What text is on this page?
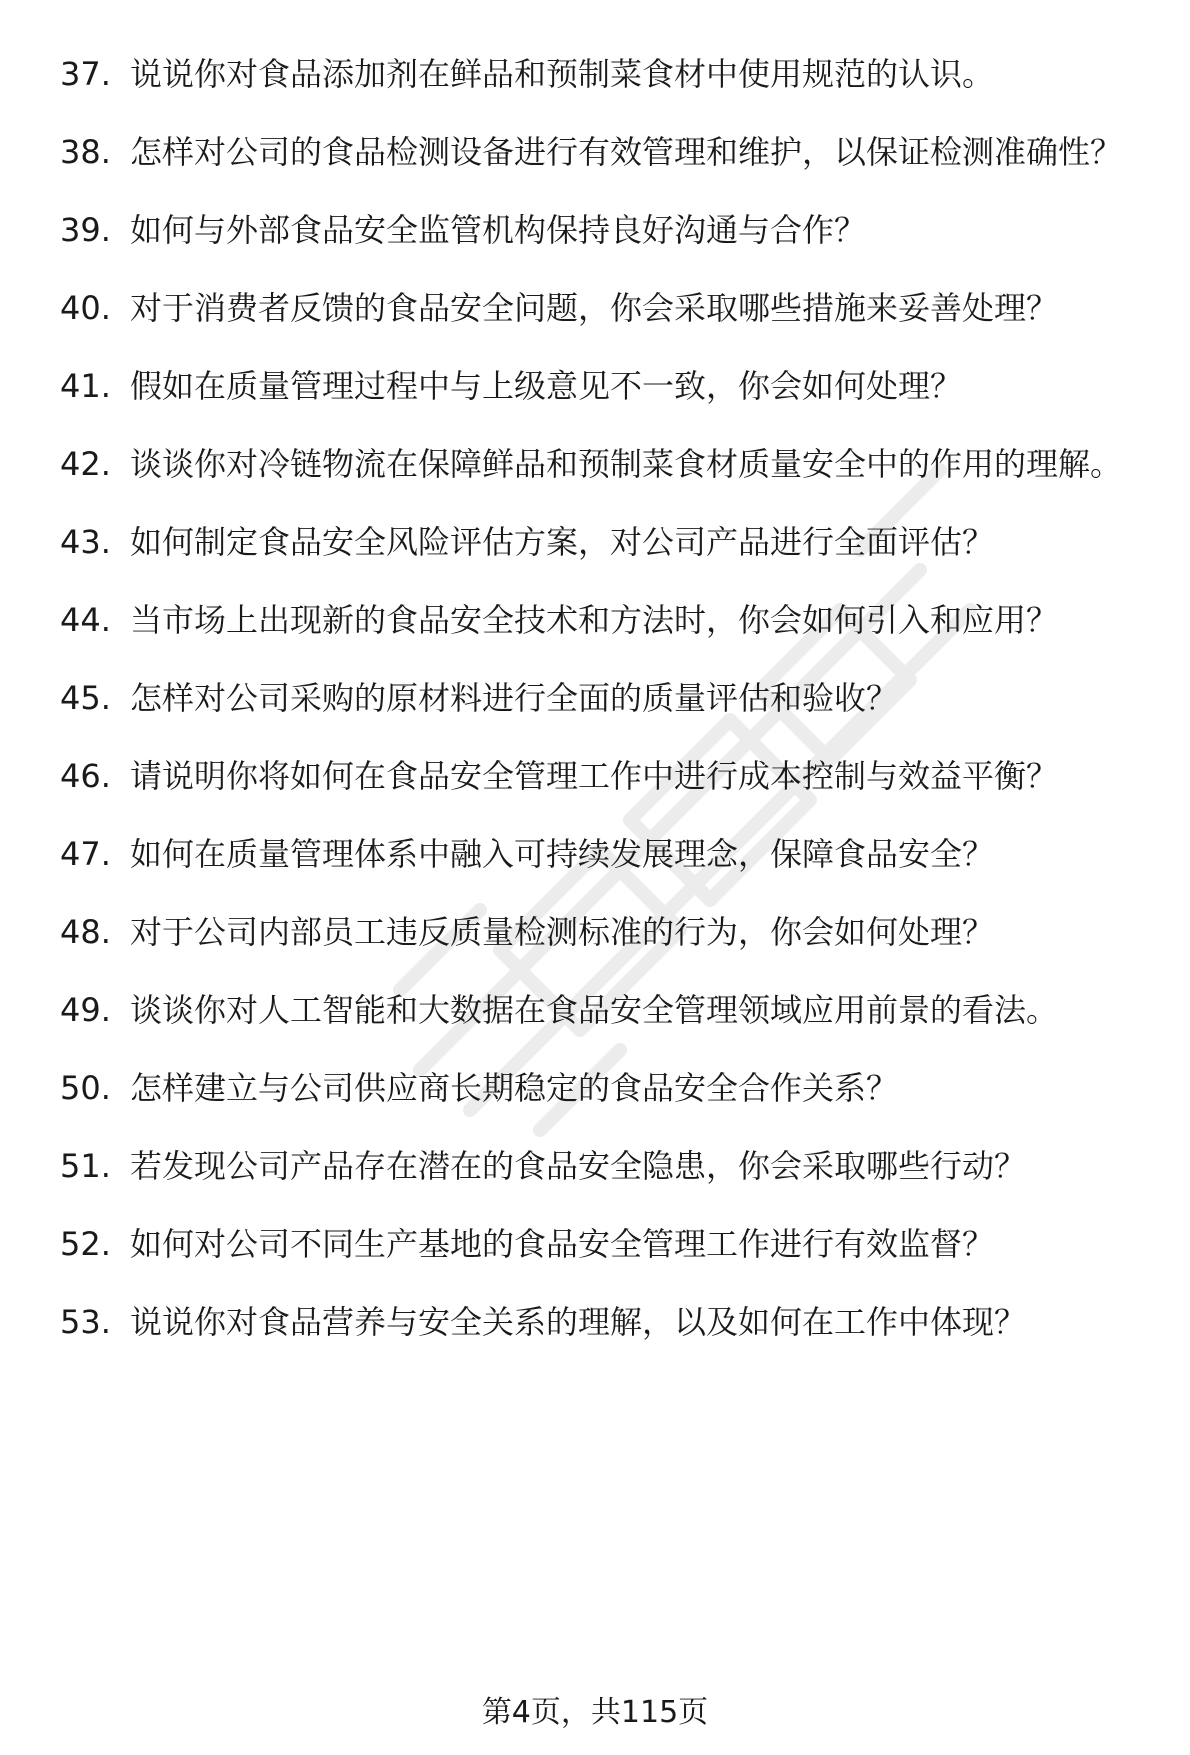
37. 说说你对食品添加剂在鲜品和预制菜食材中使用规范的认识。
38. 怎样对公司的食品检测设备进行有效管理和维护，以保证检测准确性？
39. 如何与外部食品安全监管机构保持良好沟通与合作？
40. 对于消费者反馈的食品安全问题，你会采取哪些措施来妥善处理？
41. 假如在质量管理过程中与上级意见不一致，你会如何处理？
42. 谈谈你对冷链物流在保障鲜品和预制菜食材质量安全中的作用的理解。
43. 如何制定食品安全风险评估方案，对公司产品进行全面评估？
44. 当市场上出现新的食品安全技术和方法时，你会如何引入和应用？
45. 怎样对公司采购的原材料进行全面的质量评估和验收？
46. 请说明你将如何在食品安全管理工作中进行成本控制与效益平衡？
47. 如何在质量管理体系中融入可持续发展理念，保障食品安全？
48. 对于公司内部员工违反质量检测标准的行为，你会如何处理？
49. 谈谈你对人工智能和大数据在食品安全管理领域应用前景的看法。
50. 怎样建立与公司供应商长期稳定的食品安全合作关系？
51. 若发现公司产品存在潜在的食品安全隐患，你会采取哪些行动？
52. 如何对公司不同生产基地的食品安全管理工作进行有效监督？
53. 说说你对食品营养与安全关系的理解，以及如何在工作中体现？
第4页，共115页
